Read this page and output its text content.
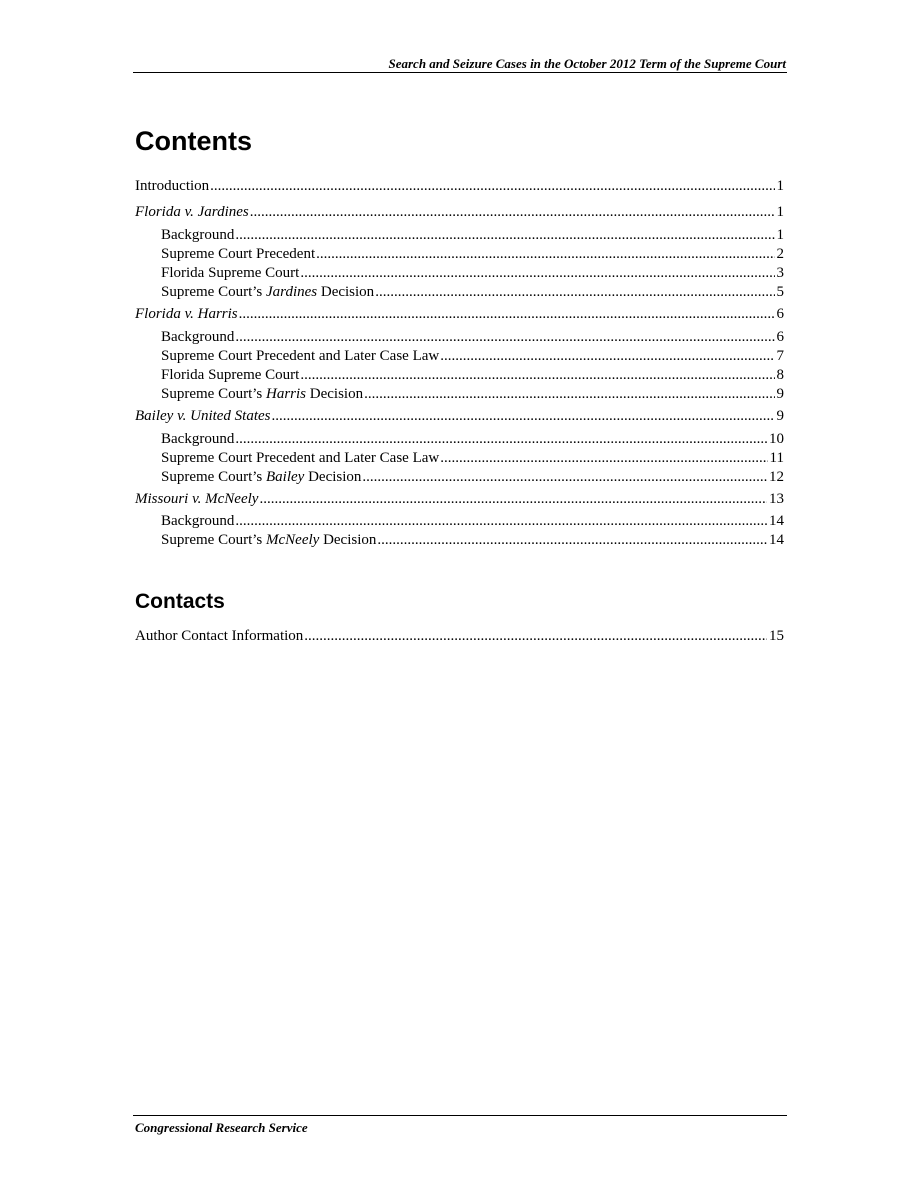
Search and Seizure Cases in the October 2012 Term of the Supreme Court
Contents
Introduction .....	1
Florida v. Jardines .....	1
Background .....	1
Supreme Court Precedent .....	2
Florida Supreme Court .....	3
Supreme Court’s Jardines Decision .....	5
Florida v. Harris .....	6
Background .....	6
Supreme Court Precedent and Later Case Law .....	7
Florida Supreme Court .....	8
Supreme Court’s Harris Decision .....	9
Bailey v. United States .....	9
Background .....	10
Supreme Court Precedent and Later Case Law .....	11
Supreme Court’s Bailey Decision .....	12
Missouri v. McNeely .....	13
Background .....	14
Supreme Court’s McNeely Decision .....	14
Contacts
Author Contact Information .....	15
Congressional Research Service
